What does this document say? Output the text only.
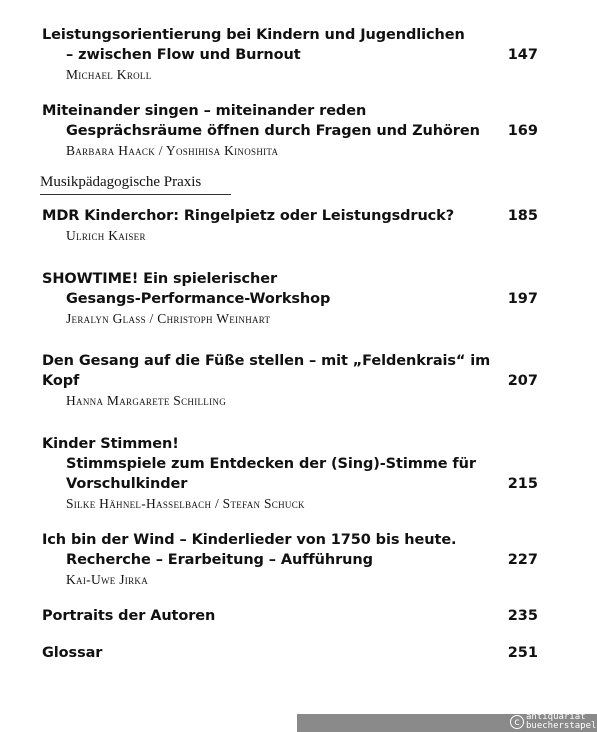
Leistungsorientierung bei Kindern und Jugendlichen
– zwischen Flow und Burnout
Michael Kroll
147
Miteinander singen – miteinander reden
Gesprächsräume öffnen durch Fragen und Zuhören
Barbara Haack / Yoshihisa Kinoshita
169
Musikpädagogische Praxis
MDR Kinderchor: Ringelpietz oder Leistungsdruck?
Ulrich Kaiser
185
SHOWTIME! Ein spielerischer
Gesangs-Performance-Workshop
Jeralyn Glass / Christoph Weinhart
197
Den Gesang auf die Füße stellen – mit „Feldenkrais“ im
Kopf
Hanna Margarete Schilling
207
Kinder Stimmen!
Stimmspiele zum Entdecken der (Sing)-Stimme für
Vorschulkinder
Silke Hähnel-Hasselbach / Stefan Schuck
215
Ich bin der Wind – Kinderlieder von 1750 bis heute.
Recherche – Erarbeitung – Aufführung
Kai-Uwe Jirka
227
Portraits der Autoren	235
Glossar	251
c antiquariat
buecherstapel
